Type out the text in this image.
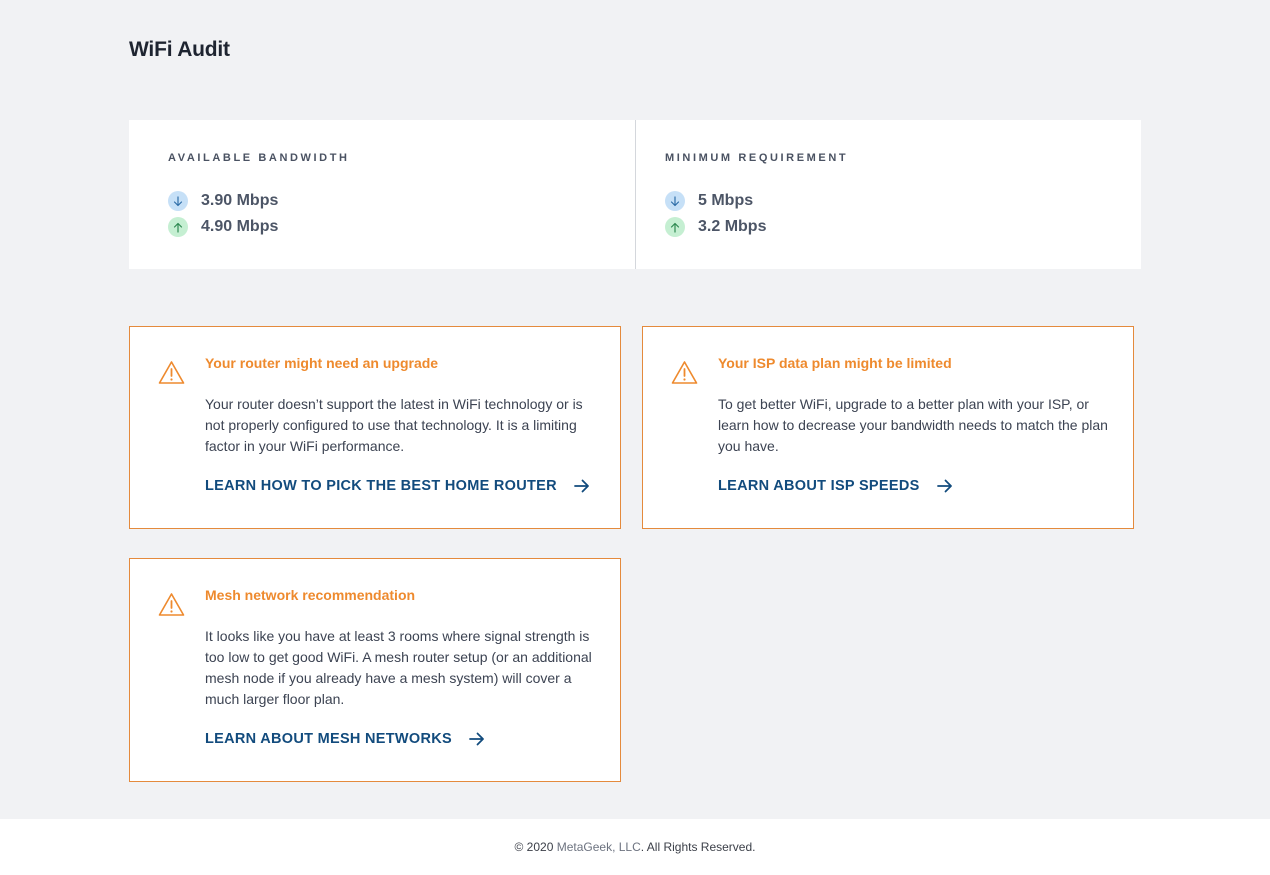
WiFi Audit
AVAILABLE BANDWIDTH
3.90 Mbps
4.90 Mbps
MINIMUM REQUIREMENT
5 Mbps
3.2 Mbps
Your router might need an upgrade

Your router doesn’t support the latest in WiFi technology or is not properly configured to use that technology. It is a limiting factor in your WiFi performance.

LEARN HOW TO PICK THE BEST HOME ROUTER
Your ISP data plan might be limited

To get better WiFi, upgrade to a better plan with your ISP, or learn how to decrease your bandwidth needs to match the plan you have.

LEARN ABOUT ISP SPEEDS
Mesh network recommendation

It looks like you have at least 3 rooms where signal strength is too low to get good WiFi. A mesh router setup (or an additional mesh node if you already have a mesh system) will cover a much larger floor plan.

LEARN ABOUT MESH NETWORKS
© 2020 MetaGeek, LLC. All Rights Reserved.
